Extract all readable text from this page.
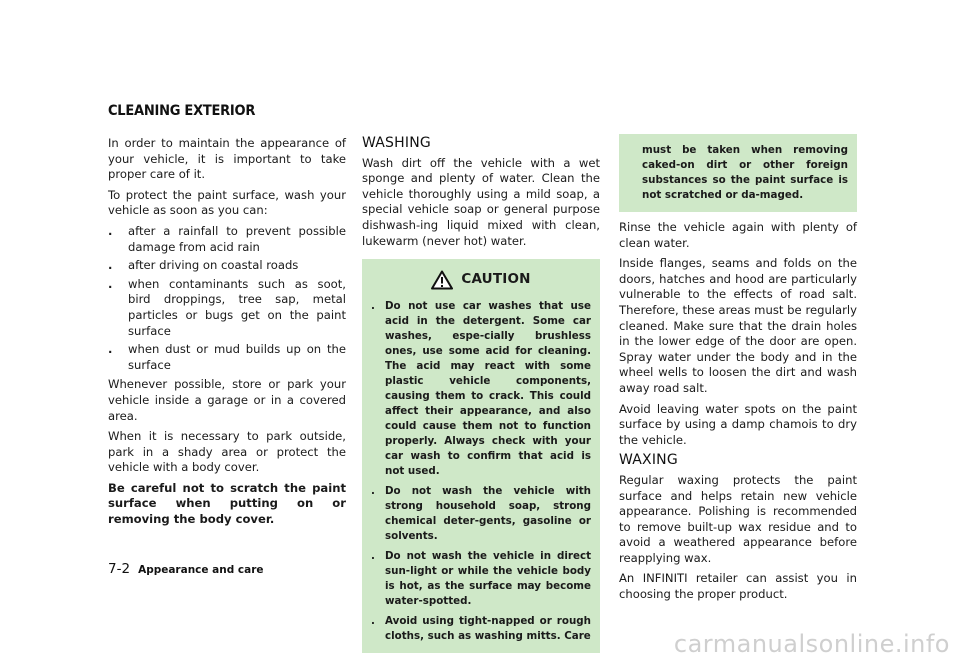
CLEANING EXTERIOR

In order to maintain the appearance of your vehicle, it is important to take proper care of it.

To protect the paint surface, wash your vehicle as soon as you can:

. after a rainfall to prevent possible damage from acid rain
. after driving on coastal roads
. when contaminants such as soot, bird droppings, tree sap, metal particles or bugs get on the paint surface
. when dust or mud builds up on the surface

Whenever possible, store or park your vehicle inside a garage or in a covered area.

When it is necessary to park outside, park in a shady area or protect the vehicle with a body cover.

Be careful not to scratch the paint surface when putting on or removing the body cover.

WASHING

Wash dirt off the vehicle with a wet sponge and plenty of water. Clean the vehicle thoroughly using a mild soap, a special vehicle soap or general purpose dishwash-ing liquid mixed with clean, lukewarm (never hot) water.

CAUTION
. Do not use car washes that use acid in the detergent. Some car washes, espe-cially brushless ones, use some acid for cleaning. The acid may react with some plastic vehicle components, causing them to crack. This could affect their appearance, and also could cause them not to function properly. Always check with your car wash to confirm that acid is not used.
. Do not wash the vehicle with strong household soap, strong chemical deter-gents, gasoline or solvents.
. Do not wash the vehicle in direct sun-light or while the vehicle body is hot, as the surface may become water-spotted.
. Avoid using tight-napped or rough cloths, such as washing mitts. Care
must be taken when removing caked-on dirt or other foreign substances so the paint surface is not scratched or da-maged.

Rinse the vehicle again with plenty of clean water.

Inside flanges, seams and folds on the doors, hatches and hood are particularly vulnerable to the effects of road salt. Therefore, these areas must be regularly cleaned. Make sure that the drain holes in the lower edge of the door are open. Spray water under the body and in the wheel wells to loosen the dirt and wash away road salt.

Avoid leaving water spots on the paint surface by using a damp chamois to dry the vehicle.

WAXING

Regular waxing protects the paint surface and helps retain new vehicle appearance. Polishing is recommended to remove built-up wax residue and to avoid a weathered appearance before reapplying wax.

An INFINITI retailer can assist you in choosing the proper product.

7-2 Appearance and care
carmanualsonline.info
